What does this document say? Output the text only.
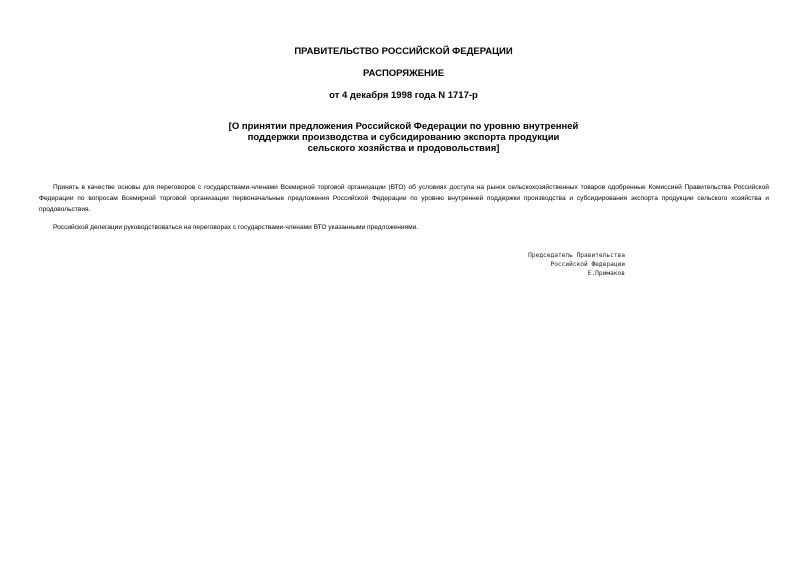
ПРАВИТЕЛЬСТВО РОССИЙСКОЙ ФЕДЕРАЦИИ
РАСПОРЯЖЕНИЕ
от 4 декабря 1998 года N 1717-р
[О принятии предложения Российской Федерации по уровню внутренней
поддержки производства и субсидированию экспорта продукции
сельского хозяйства и продовольствия]

Принять в качестве основы для переговоров с государствами-членами Всемирной торговой организации (ВТО) об условиях доступа на рынок сельскохозяйственных товаров одобренные Комиссией Правительства Российской Федерации по вопросам Всемирной торговой организации первоначальные предложения Российской Федерации по уровню внутренней поддержки производства и субсидирования экспорта продукции сельского хозяйства и продовольствия.

Российской делегации руководствоваться на переговорах с государствами-членами ВТО указанными предложениями.

Председатель Правительства
Российской Федерации
Е.Примаков
